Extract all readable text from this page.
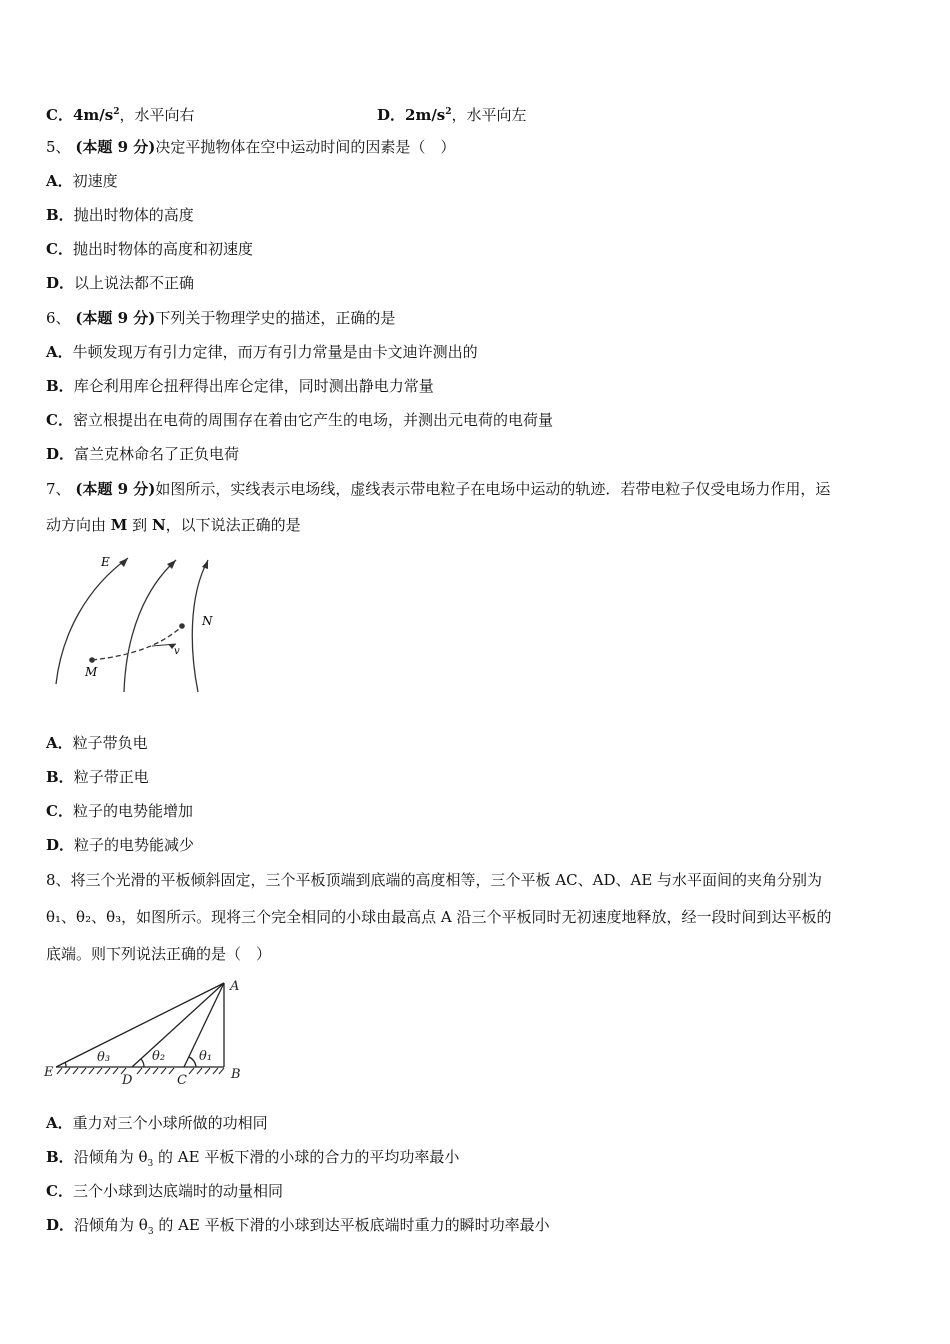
C．$4m/s^2$，水平向右	D．$2m/s^2$，水平向左
5、 (本题 9 分)决定平抛物体在空中运动时间的因素是（　）
A．初速度
B．抛出时物体的高度
C．抛出时物体的高度和初速度
D．以上说法都不正确
6、 (本题 9 分)下列关于物理学史的描述，正确的是
A．牛顿发现万有引力定律，而万有引力常量是由卡文迪许测出的
B．库仑利用库仑扭秤得出库仑定律，同时测出静电力常量
C．密立根提出在电荷的周围存在着由它产生的电场，并测出元电荷的电荷量
D．富兰克林命名了正负电荷
7、 (本题 9 分)如图所示，实线表示电场线，虚线表示带电粒子在电场中运动的轨迹．若带电粒子仅受电场力作用，运
动方向由 M 到 N，以下说法正确的是
E
N
M
v
A．粒子带负电
B．粒子带正电
C．粒子的电势能增加
D．粒子的电势能减少
8、将三个光滑的平板倾斜固定，三个平板顶端到底端的高度相等，三个平板 AC、AD、AE 与水平面间的夹角分别为
θ₁、θ₂、θ₃，如图所示。现将三个完全相同的小球由最高点 A 沿三个平板同时无初速度地释放，经一段时间到达平板的
底端。则下列说法正确的是（　）
A
B
C
D
E
θ₁
θ₂
θ₃
A．重力对三个小球所做的功相同
B．沿倾角为 $\theta_3$ 的 AE 平板下滑的小球的合力的平均功率最小
C．三个小球到达底端时的动量相同
D．沿倾角为 $\theta_3$ 的 AE 平板下滑的小球到达平板底端时重力的瞬时功率最小
